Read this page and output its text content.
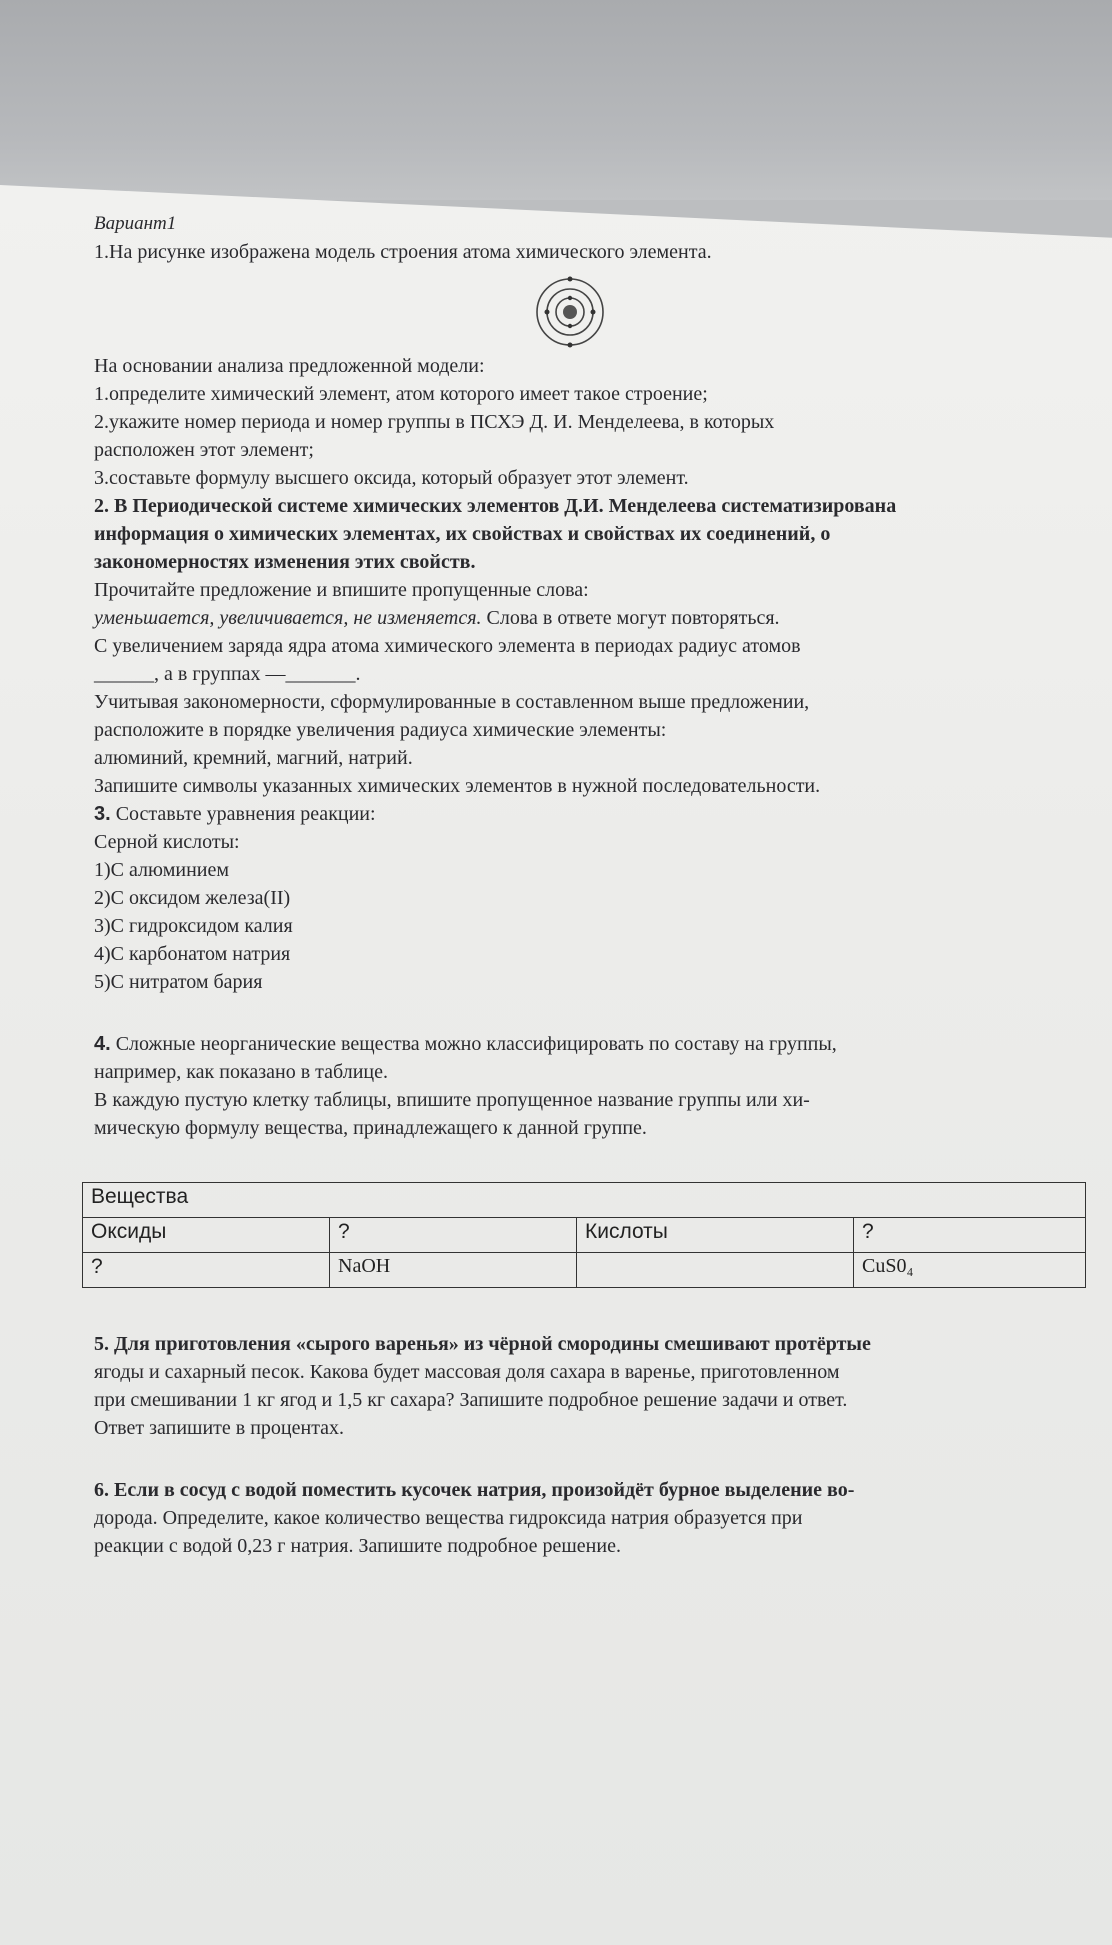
Вариант1
1.На рисунке изображена модель строения атома химического элемента.
На основании анализа предложенной модели:
1.определите химический элемент, атом которого имеет такое строение;
2.укажите номер периода и номер группы в ПСХЭ Д. И. Менделеева, в которых
расположен этот элемент;
3.составьте формулу высшего оксида, который образует этот элемент.
2. В Периодической системе химических элементов Д.И. Менделеева систематизирована
информация о химических элементах, их свойствах и свойствах их соединений, о
закономерностях изменения этих свойств.
Прочитайте предложение и впишите пропущенные слова:
уменьшается, увеличивается, не изменяется. Слова в ответе могут повторяться.
С увеличением заряда ядра атома химического элемента в периодах радиус атомов
______, а в группах —_______.
Учитывая закономерности, сформулированные в составленном выше предложении,
расположите в порядке увеличения радиуса химические элементы:
алюминий, кремний, магний, натрий.
Запишите символы указанных химических элементов в нужной последовательности.
3. Составьте уравнения реакции:
Серной кислоты:
1)С алюминием
2)С оксидом железа(II)
3)С гидроксидом калия
4)С карбонатом натрия
5)С нитратом бария
4. Сложные неорганические вещества можно классифицировать по составу на группы,
например, как показано в таблице.
В каждую пустую клетку таблицы, впишите пропущенное название группы или хи-
мическую формулу вещества, принадлежащего к данной группе.
Вещества			
Оксиды	?	Кислоты	?
?	NaOH		CuS0₄
5. Для приготовления «сырого варенья» из чёрной смородины смешивают протёртые
ягоды и сахарный песок. Какова будет массовая доля сахара в варенье, приготовленном
при смешивании 1 кг ягод и 1,5 кг сахара? Запишите подробное решение задачи и ответ.
Ответ запишите в процентах.
6. Если в сосуд с водой поместить кусочек натрия, произойдёт бурное выделение во-
дорода. Определите, какое количество вещества гидроксида натрия образуется при
реакции с водой 0,23 г натрия. Запишите подробное решение.
